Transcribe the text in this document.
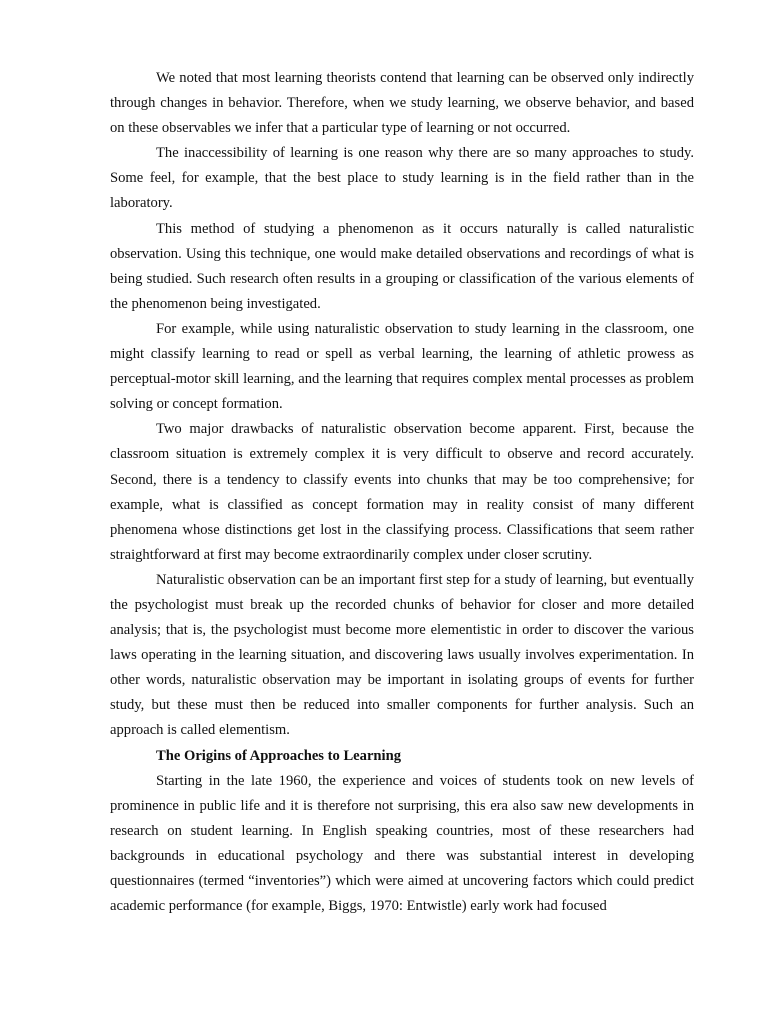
We noted that most learning theorists contend that learning can be observed only indirectly through changes in behavior. Therefore, when we study learning, we observe behavior, and based on these observables we infer that a particular type of learning or not occurred.

The inaccessibility of learning is one reason why there are so many approaches to study. Some feel, for example, that the best place to study learning is in the field rather than in the laboratory.

This method of studying a phenomenon as it occurs naturally is called naturalistic observation. Using this technique, one would make detailed observations and recordings of what is being studied. Such research often results in a grouping or classification of the various elements of the phenomenon being investigated.

For example, while using naturalistic observation to study learning in the classroom, one might classify learning to read or spell as verbal learning, the learning of athletic prowess as perceptual-motor skill learning, and the learning that requires complex mental processes as problem solving or concept formation.

Two major drawbacks of naturalistic observation become apparent. First, because the classroom situation is extremely complex it is very difficult to observe and record accurately. Second, there is a tendency to classify events into chunks that may be too comprehensive; for example, what is classified as concept formation may in reality consist of many different phenomena whose distinctions get lost in the classifying process. Classifications that seem rather straightforward at first may become extraordinarily complex under closer scrutiny.

Naturalistic observation can be an important first step for a study of learning, but eventually the psychologist must break up the recorded chunks of behavior for closer and more detailed analysis; that is, the psychologist must become more elementistic in order to discover the various laws operating in the learning situation, and discovering laws usually involves experimentation. In other words, naturalistic observation may be important in isolating groups of events for further study, but these must then be reduced into smaller components for further analysis. Such an approach is called elementism.

The Origins of Approaches to Learning

Starting in the late 1960, the experience and voices of students took on new levels of prominence in public life and it is therefore not surprising, this era also saw new developments in research on student learning. In English speaking countries, most of these researchers had backgrounds in educational psychology and there was substantial interest in developing questionnaires (termed “inventories”) which were aimed at uncovering factors which could predict academic performance (for example, Biggs, 1970: Entwistle) early work had focused
